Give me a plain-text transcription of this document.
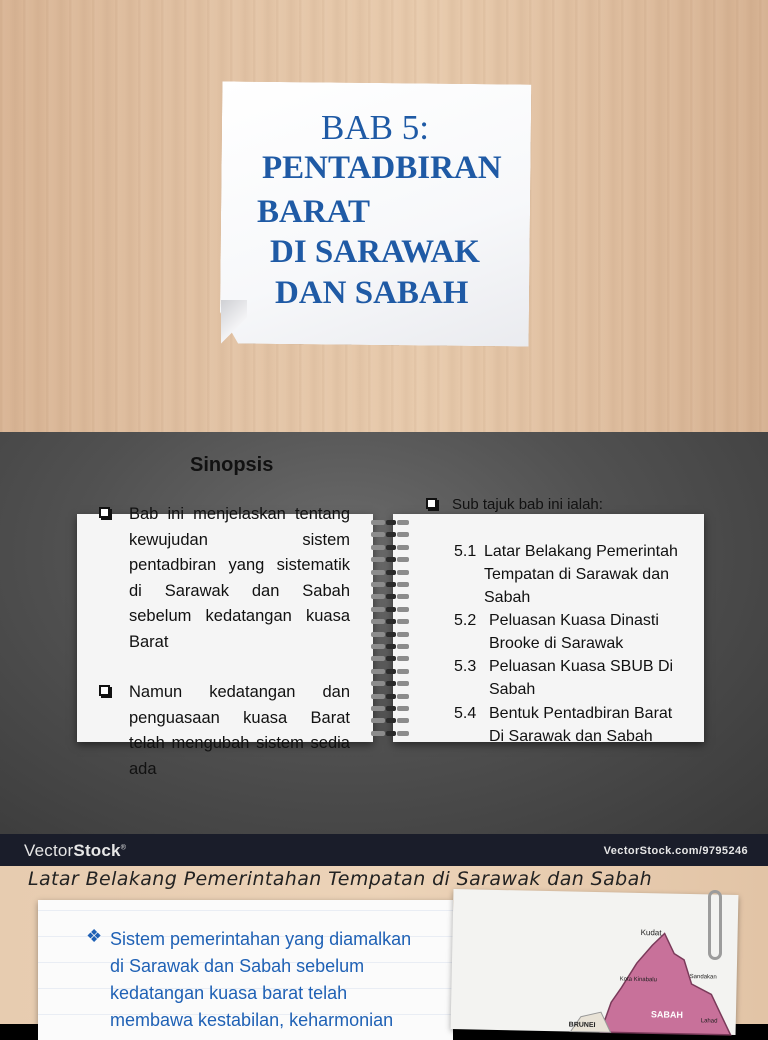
BAB 5:
PENTADBIRAN
BARAT
DI SARAWAK
DAN SABAH
Sinopsis
Bab ini menjelaskan tentang kewujudan sistem pentadbiran yang sistematik di Sarawak dan Sabah sebelum kedatangan kuasa Barat
Namun kedatangan dan penguasaan kuasa Barat telah mengubah sistem sedia ada
Sub tajuk bab ini ialah:
5.1 Latar Belakang Pemerintah Tempatan di Sarawak dan Sabah
5.2 Peluasan Kuasa Dinasti Brooke di Sarawak
5.3 Peluasan Kuasa SBUB Di Sabah
5.4 Bentuk Pentadbiran Barat Di Sarawak dan Sabah
VectorStock®	VectorStock.com/9795246
Latar Belakang Pemerintahan Tempatan di Sarawak dan Sabah
❖ Sistem pemerintahan yang diamalkan di Sarawak dan Sabah sebelum kedatangan kuasa barat telah membawa kestabilan, keharmonian
Kudat
Kota Kinabalu	Sandakan
SABAH
BRUNEI
Lahad
